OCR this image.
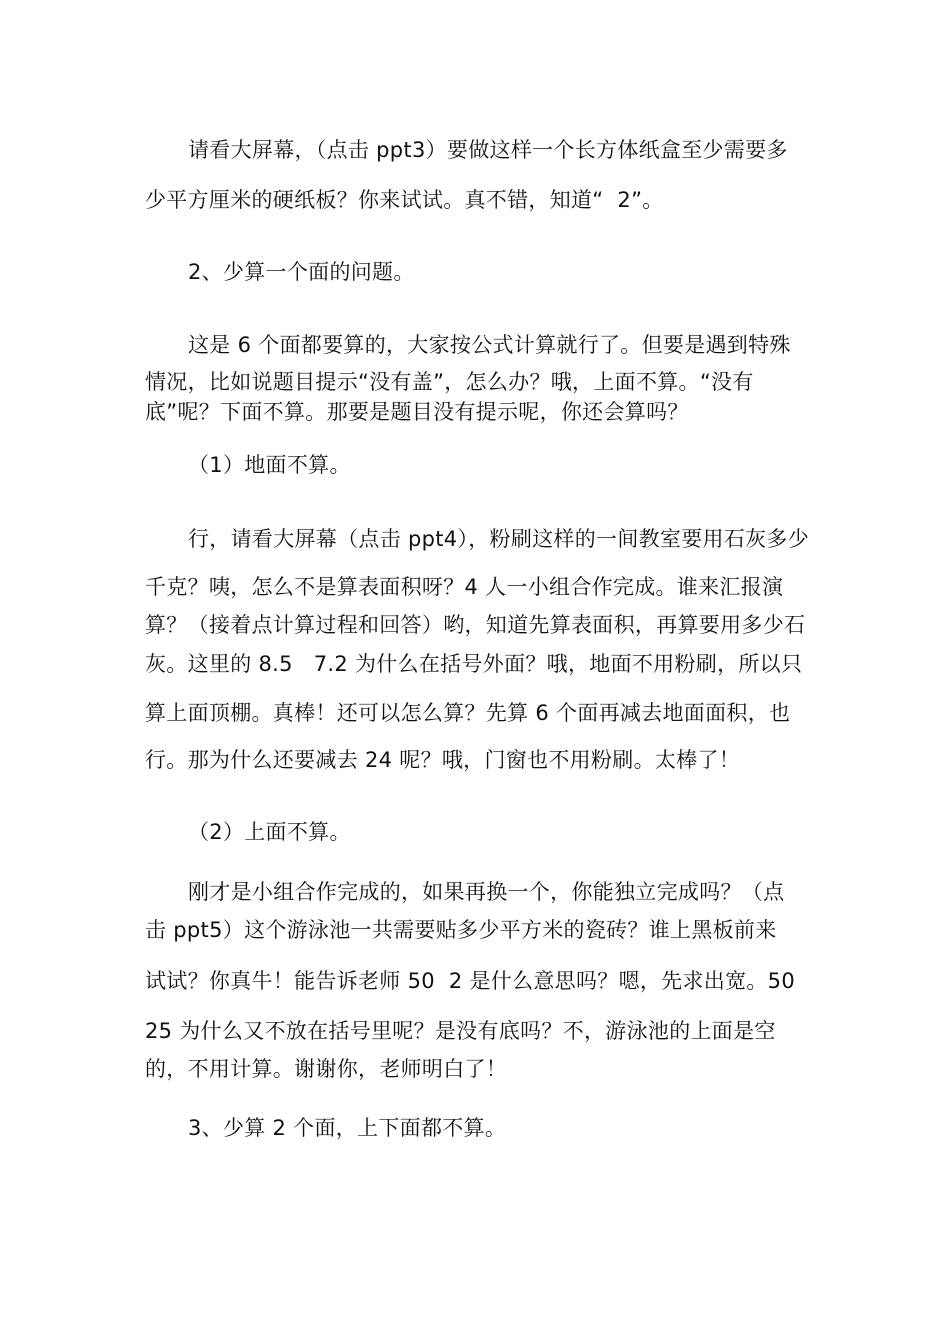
请看大屏幕，（点击 ppt3）要做这样一个长方体纸盒至少需要多
少平方厘米的硬纸板？你来试试。真不错，知道“  2”。
2、少算一个面的问题。
这是 6 个面都要算的，大家按公式计算就行了。但要是遇到特殊
情况，比如说题目提示“没有盖”，怎么办？哦，上面不算。“没有
底”呢？下面不算。那要是题目没有提示呢，你还会算吗？
（1）地面不算。
行，请看大屏幕（点击 ppt4），粉刷这样的一间教室要用石灰多少
千克？咦，怎么不是算表面积呀？4 人一小组合作完成。谁来汇报演
算？（接着点计算过程和回答）哟，知道先算表面积，再算要用多少石
灰。这里的 8.5   7.2 为什么在括号外面？哦，地面不用粉刷，所以只
算上面顶棚。真棒！还可以怎么算？先算 6 个面再减去地面面积，也
行。那为什么还要减去 24 呢？哦，门窗也不用粉刷。太棒了！
（2）上面不算。
刚才是小组合作完成的，如果再换一个，你能独立完成吗？（点
击 ppt5）这个游泳池一共需要贴多少平方米的瓷砖？谁上黑板前来
试试？你真牛！能告诉老师 50  2 是什么意思吗？嗯，先求出宽。50
25 为什么又不放在括号里呢？是没有底吗？不，游泳池的上面是空
的，不用计算。谢谢你，老师明白了！
3、少算 2 个面，上下面都不算。
